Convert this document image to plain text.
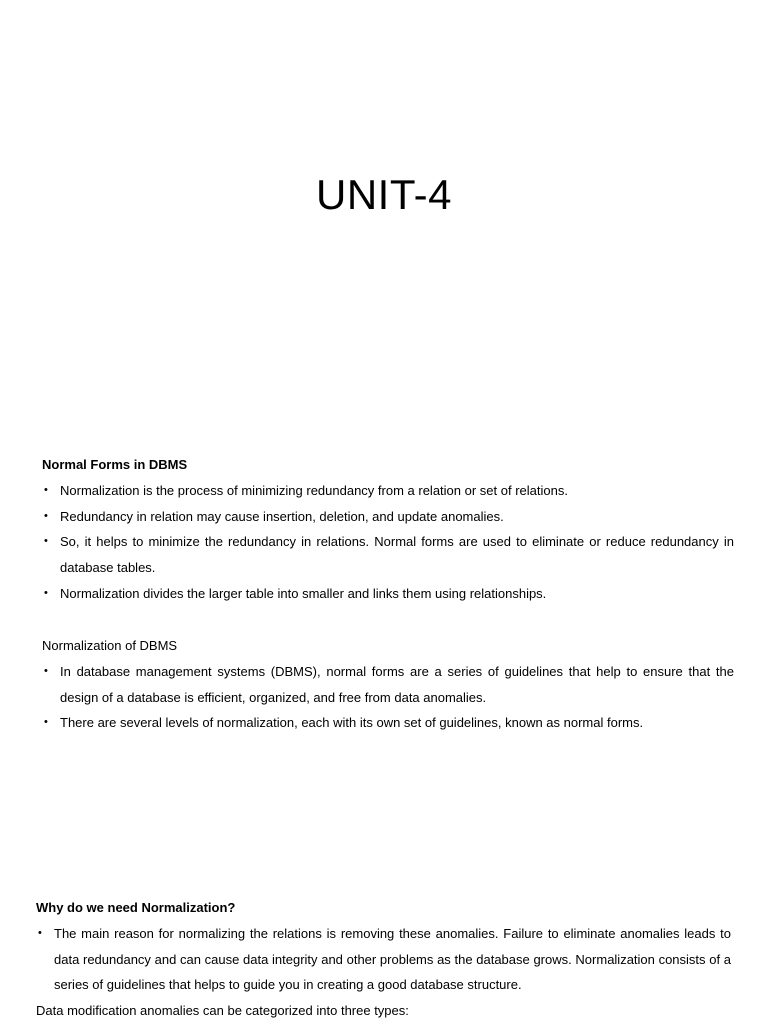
UNIT-4
Normal Forms in DBMS
• Normalization is the process of minimizing redundancy from a relation or set of relations.
• Redundancy in relation may cause insertion, deletion, and update anomalies.
• So, it helps to minimize the redundancy in relations. Normal forms are used to eliminate or reduce redundancy in database tables.
• Normalization divides the larger table into smaller and links them using relationships.
Normalization of DBMS
• In database management systems (DBMS), normal forms are a series of guidelines that help to ensure that the design of a database is efficient, organized, and free from data anomalies.
• There are several levels of normalization, each with its own set of guidelines, known as normal forms.
Why do we need Normalization?
• The main reason for normalizing the relations is removing these anomalies. Failure to eliminate anomalies leads to data redundancy and can cause data integrity and other problems as the database grows. Normalization consists of a series of guidelines that helps to guide you in creating a good database structure.

Data modification anomalies can be categorized into three types:
